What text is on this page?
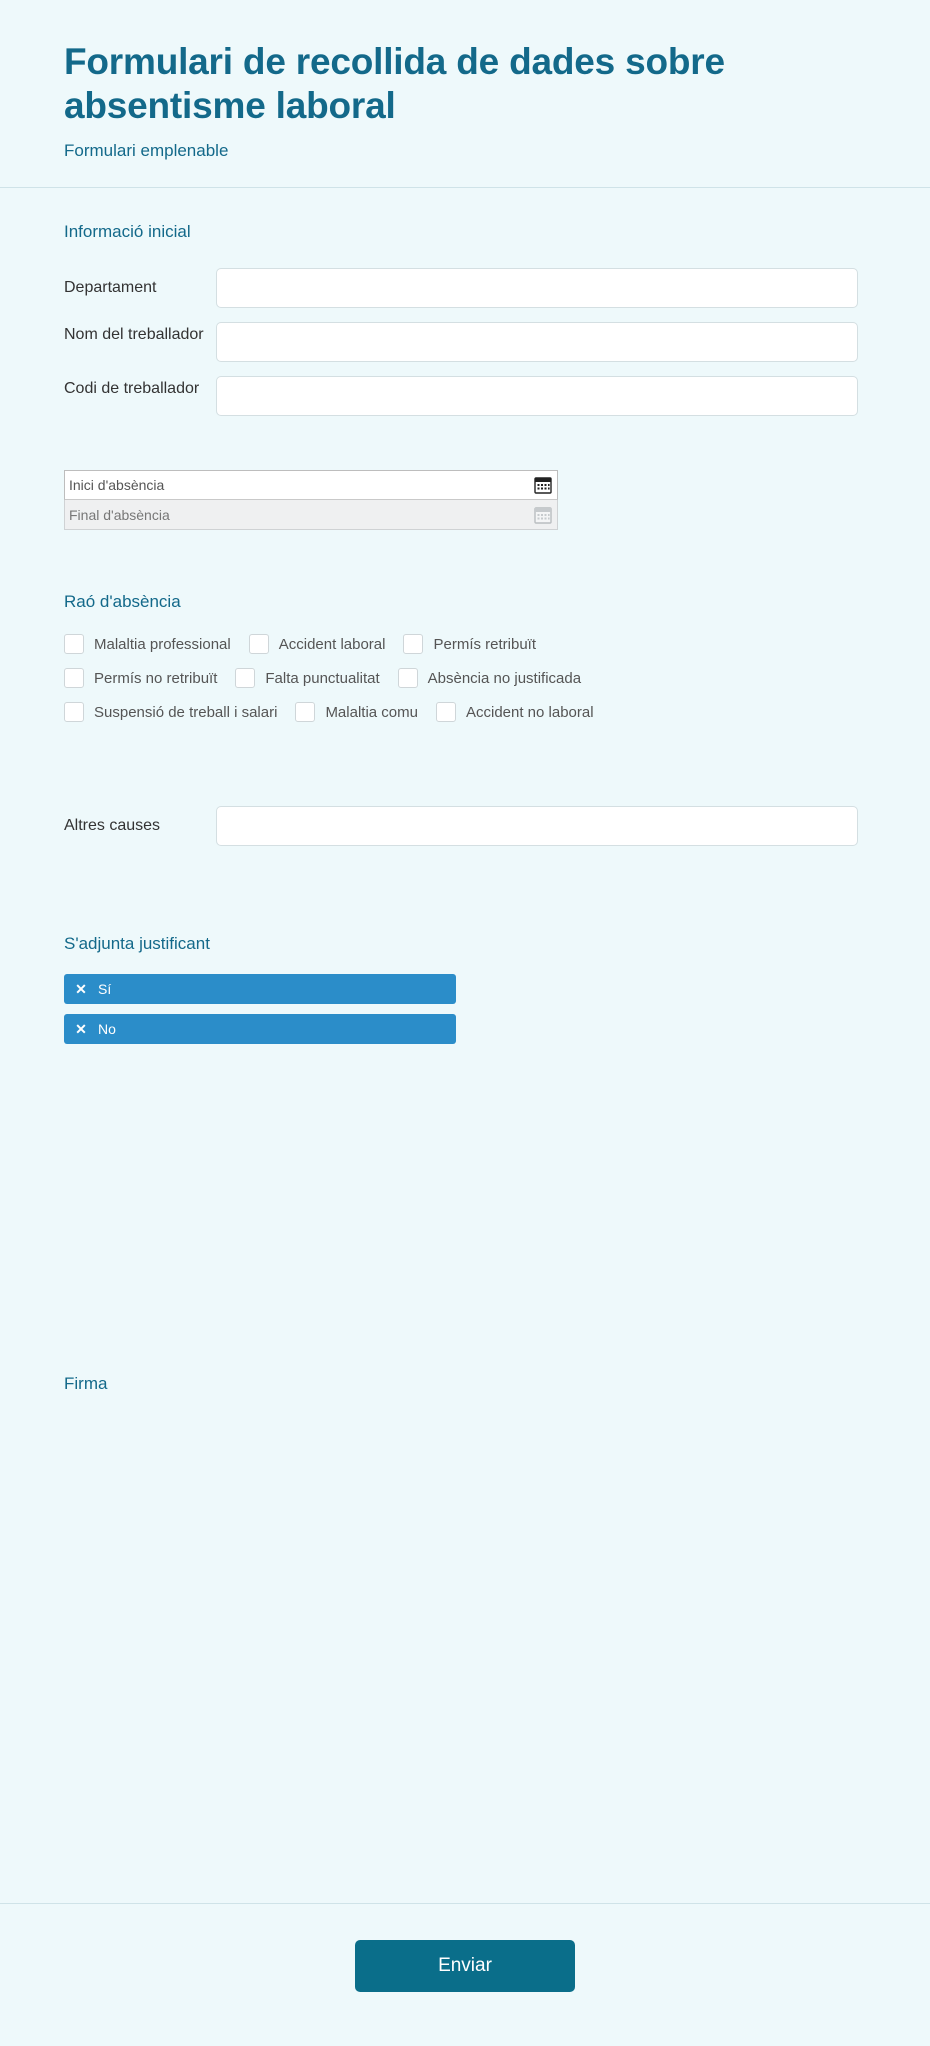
Formulari de recollida de dades sobre absentisme laboral

Formulari emplenable

Informació inicial
Departament
Nom del treballador
Codi de treballador
Inici d'absència
Final d'absència
Raó d'absència
Malaltia professional	Accident laboral	Permís retribuït
Permís no retribuït	Falta punctualitat	Absència no justificada
Suspensió de treball i salari	Malaltia comu	Accident no laboral
Altres causes
S'adjunta justificant
✕ Sí
✕ No
Firma
Enviar
